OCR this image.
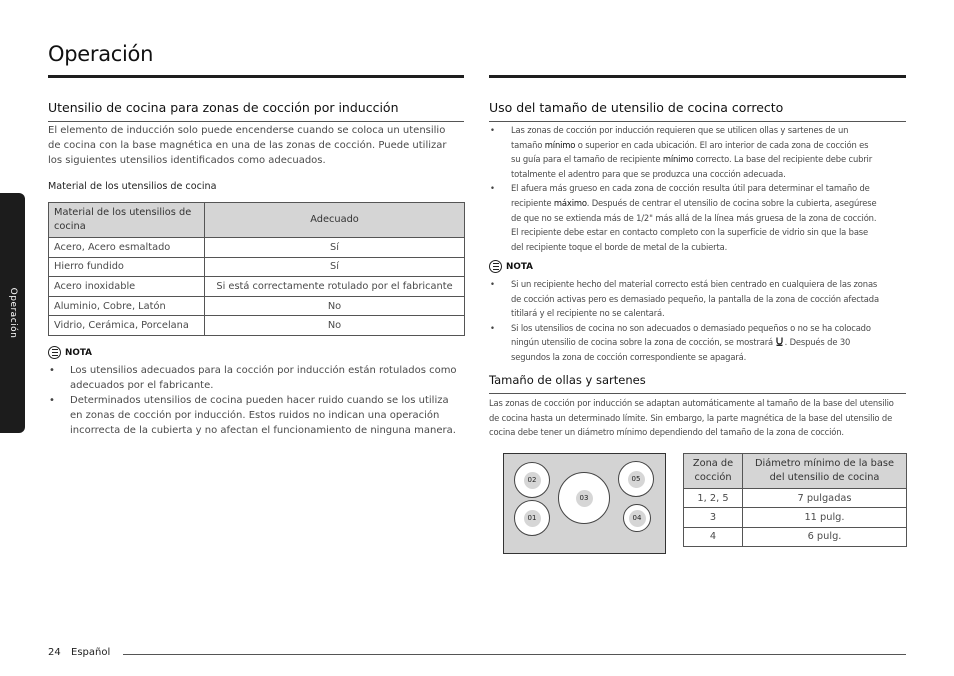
Operación
Operación
Utensilio de cocina para zonas de cocción por inducción
El elemento de inducción solo puede encenderse cuando se coloca un utensilio
de cocina con la base magnética en una de las zonas de cocción. Puede utilizar
los siguientes utensilios identificados como adecuados.
Material de los utensilios de cocina
Material de los utensilios de cocina	Adecuado
Acero, Acero esmaltado	Sí
Hierro fundido	Sí
Acero inoxidable	Si está correctamente rotulado por el fabricante
Aluminio, Cobre, Latón	No
Vidrio, Cerámica, Porcelana	No
NOTA
• Los utensilios adecuados para la cocción por inducción están rotulados como
adecuados por el fabricante.
• Determinados utensilios de cocina pueden hacer ruido cuando se los utiliza
en zonas de cocción por inducción. Estos ruidos no indican una operación
incorrecta de la cubierta y no afectan el funcionamiento de ninguna manera.
Uso del tamaño de utensilio de cocina correcto
• Las zonas de cocción por inducción requieren que se utilicen ollas y sartenes de un
tamaño mínimo o superior en cada ubicación. El aro interior de cada zona de cocción es
su guía para el tamaño de recipiente mínimo correcto. La base del recipiente debe cubrir
totalmente el adentro para que se produzca una cocción adecuada.
• El afuera más grueso en cada zona de cocción resulta útil para determinar el tamaño de
recipiente máximo. Después de centrar el utensilio de cocina sobre la cubierta, asegúrese
de que no se extienda más de 1/2" más allá de la línea más gruesa de la zona de cocción.
El recipiente debe estar en contacto completo con la superficie de vidrio sin que la base
del recipiente toque el borde de metal de la cubierta.
NOTA
• Si un recipiente hecho del material correcto está bien centrado en cualquiera de las zonas
de cocción activas pero es demasiado pequeño, la pantalla de la zona de cocción afectada
titilará y el recipiente no se calentará.
• Si los utensilios de cocina no son adecuados o demasiado pequeños o no se ha colocado
ningún utensilio de cocina sobre la zona de cocción, se mostrará . Después de 30
segundos la zona de cocción correspondiente se apagará.
Tamaño de ollas y sartenes
Las zonas de cocción por inducción se adaptan automáticamente al tamaño de la base del utensilio
de cocina hasta un determinado límite. Sin embargo, la parte magnética de la base del utensilio de
cocina debe tener un diámetro mínimo dependiendo del tamaño de la zona de cocción.
02	05
03
01	04
Zona de cocción	Diámetro mínimo de la base del utensilio de cocina
1, 2, 5	7 pulgadas
3	11 pulg.
4	6 pulg.
24 Español
